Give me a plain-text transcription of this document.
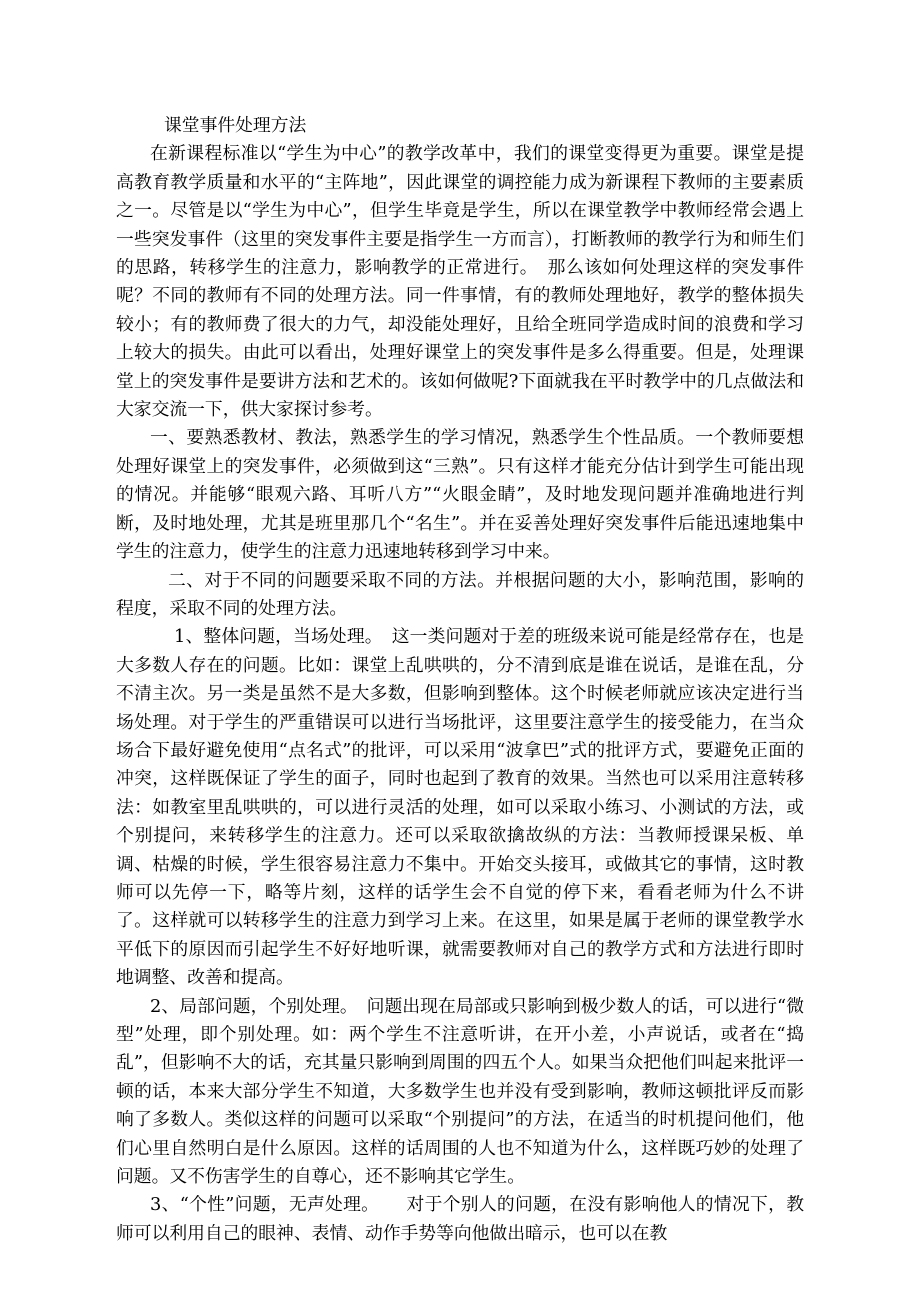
课堂事件处理方法

在新课程标准以“学生为中心”的教学改革中，我们的课堂变得更为重要。课堂是提高教育教学质量和水平的“主阵地”，因此课堂的调控能力成为新课程下教师的主要素质之一。尽管是以“学生为中心”，但学生毕竟是学生，所以在课堂教学中教师经常会遇上一些突发事件（这里的突发事件主要是指学生一方而言），打断教师的教学行为和师生们的思路，转移学生的注意力，影响教学的正常进行。　那么该如何处理这样的突发事件呢？不同的教师有不同的处理方法。同一件事情，有的教师处理地好，教学的整体损失较小；有的教师费了很大的力气，却没能处理好，且给全班同学造成时间的浪费和学习上较大的损失。由此可以看出，处理好课堂上的突发事件是多么得重要。但是，处理课堂上的突发事件是要讲方法和艺术的。该如何做呢?下面就我在平时教学中的几点做法和大家交流一下，供大家探讨参考。

一、要熟悉教材、教法，熟悉学生的学习情况，熟悉学生个性品质。一个教师要想处理好课堂上的突发事件，必须做到这“三熟”。只有这样才能充分估计到学生可能出现的情况。并能够“眼观六路、耳听八方”“火眼金睛”，及时地发现问题并准确地进行判断，及时地处理，尤其是班里那几个“名生”。并在妥善处理好突发事件后能迅速地集中学生的注意力，使学生的注意力迅速地转移到学习中来。

二、对于不同的问题要采取不同的方法。并根据问题的大小，影响范围，影响的程度，采取不同的处理方法。

1、整体问题，当场处理。　这一类问题对于差的班级来说可能是经常存在，也是大多数人存在的问题。比如：课堂上乱哄哄的，分不清到底是谁在说话，是谁在乱，分不清主次。另一类是虽然不是大多数，但影响到整体。这个时候老师就应该决定进行当场处理。对于学生的严重错误可以进行当场批评，这里要注意学生的接受能力，在当众场合下最好避免使用“点名式”的批评，可以采用“波拿巴”式的批评方式，要避免正面的冲突，这样既保证了学生的面子，同时也起到了教育的效果。当然也可以采用注意转移法：如教室里乱哄哄的，可以进行灵活的处理，如可以采取小练习、小测试的方法，或个别提问，来转移学生的注意力。还可以采取欲擒故纵的方法：当教师授课呆板、单调、枯燥的时候，学生很容易注意力不集中。开始交头接耳，或做其它的事情，这时教师可以先停一下，略等片刻，这样的话学生会不自觉的停下来，看看老师为什么不讲了。这样就可以转移学生的注意力到学习上来。在这里，如果是属于老师的课堂教学水平低下的原因而引起学生不好好地听课，就需要教师对自己的教学方式和方法进行即时地调整、改善和提高。

2、局部问题，个别处理。　问题出现在局部或只影响到极少数人的话，可以进行“微型”处理，即个别处理。如：两个学生不注意听讲，在开小差，小声说话，或者在“捣乱”，但影响不大的话，充其量只影响到周围的四五个人。如果当众把他们叫起来批评一顿的话，本来大部分学生不知道，大多数学生也并没有受到影响，教师这顿批评反而影响了多数人。类似这样的问题可以采取“个别提问”的方法，在适当的时机提问他们，他们心里自然明白是什么原因。这样的话周围的人也不知道为什么，这样既巧妙的处理了问题。又不伤害学生的自尊心，还不影响其它学生。

3、“个性”问题，无声处理。　　对于个别人的问题，在没有影响他人的情况下，教师可以利用自己的眼神、表情、动作手势等向他做出暗示，也可以在教
